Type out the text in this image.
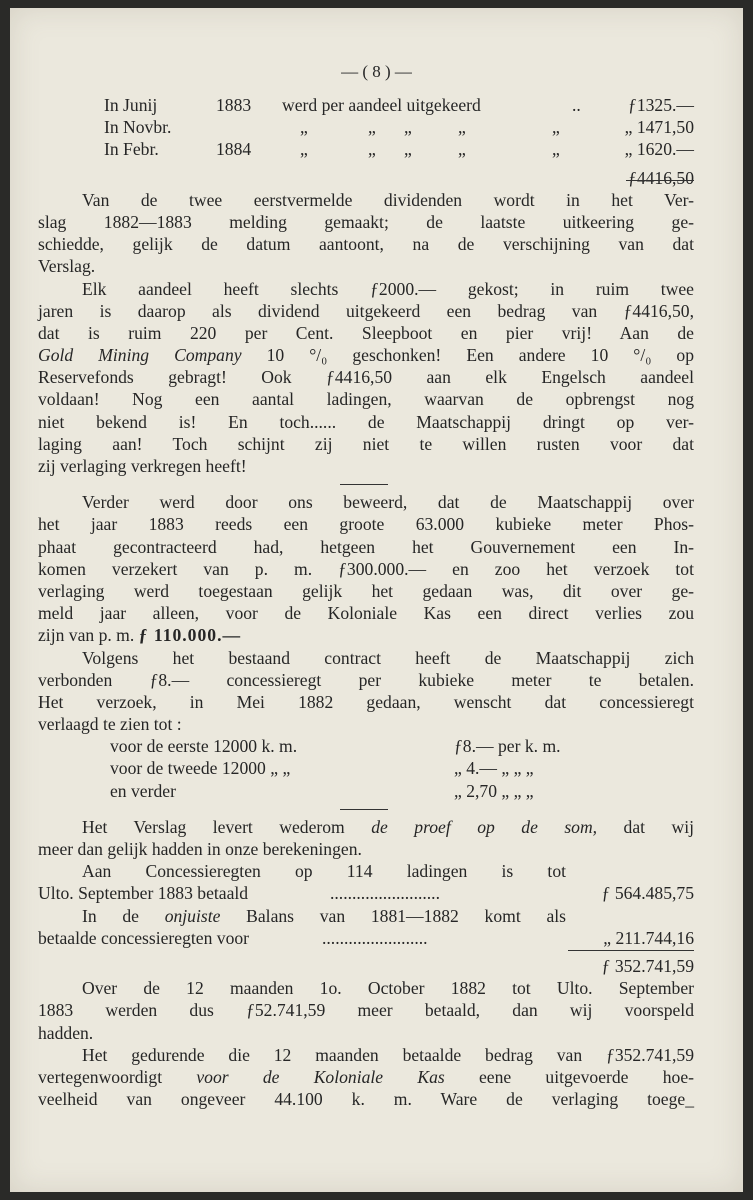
— ( 8 ) —
In Junij	1883 werd per aandeel uitgekeerd	..	ƒ1325.—
In Novbr.	„	„ „	„	„	„ 1471,50
In Febr.	1884	„	„ „	„	„	„ 1620.—
ƒ4416,50
Van de twee eerstvermelde dividenden wordt in het Ver-
slag 1882—1883 melding gemaakt; de laatste uitkeering ge-
schiedde, gelijk de datum aantoont, na de verschijning van dat
Verslag.
Elk aandeel heeft slechts ƒ2000.— gekost; in ruim twee
jaren is daarop als dividend uitgekeerd een bedrag van ƒ4416,50,
dat is ruim 220 per Cent. Sleepboot en pier vrij! Aan de
Gold Mining Company 10 °/₀ geschonken! Een andere 10 °/₀ op
Reservefonds gebragt! Ook ƒ4416,50 aan elk Engelsch aandeel
voldaan! Nog een aantal ladingen, waarvan de opbrengst nog
niet bekend is! En toch...... de Maatschappij dringt op ver-
laging aan! Toch schijnt zij niet te willen rusten voor dat
zij verlaging verkregen heeft!
Verder werd door ons beweerd, dat de Maatschappij over
het jaar 1883 reeds een groote 63.000 kubieke meter Phos-
phaat gecontracteerd had, hetgeen het Gouvernement een In-
komen verzekert van p. m. ƒ300.000.— en zoo het verzoek tot
verlaging werd toegestaan gelijk het gedaan was, dit over ge-
meld jaar alleen, voor de Koloniale Kas een direct verlies zou
zijn van p. m. ƒ 110.000.—
Volgens het bestaand contract heeft de Maatschappij zich
verbonden ƒ8.— concessieregt per kubieke meter te betalen.
Het verzoek, in Mei 1882 gedaan, wenscht dat concessieregt
verlaagd te zien tot :
voor de eerste 12000 k. m.	ƒ8.— per k. m.
voor de tweede 12000 „ „	„ 4.— „ „ „
en verder	„ 2,70 „ „ „
Het Verslag levert wederom de proef op de som, dat wij
meer dan gelijk hadden in onze berekeningen.
Aan Concessieregten op 114 ladingen is tot
Ulto. September 1883 betaald	.........................	ƒ 564.485,75
In de onjuiste Balans van 1881—1882 komt als
betaalde concessieregten voor	........................	„ 211.744,16
ƒ 352.741,59
Over de 12 maanden 1o. October 1882 tot Ulto. September
1883 werden dus ƒ52.741,59 meer betaald, dan wij voorspeld
hadden.
Het gedurende die 12 maanden betaalde bedrag van ƒ352.741,59
vertegenwoordigt voor de Koloniale Kas eene uitgevoerde hoe-
veelheid van ongeveer 44.100 k. m. Ware de verlaging toege_
